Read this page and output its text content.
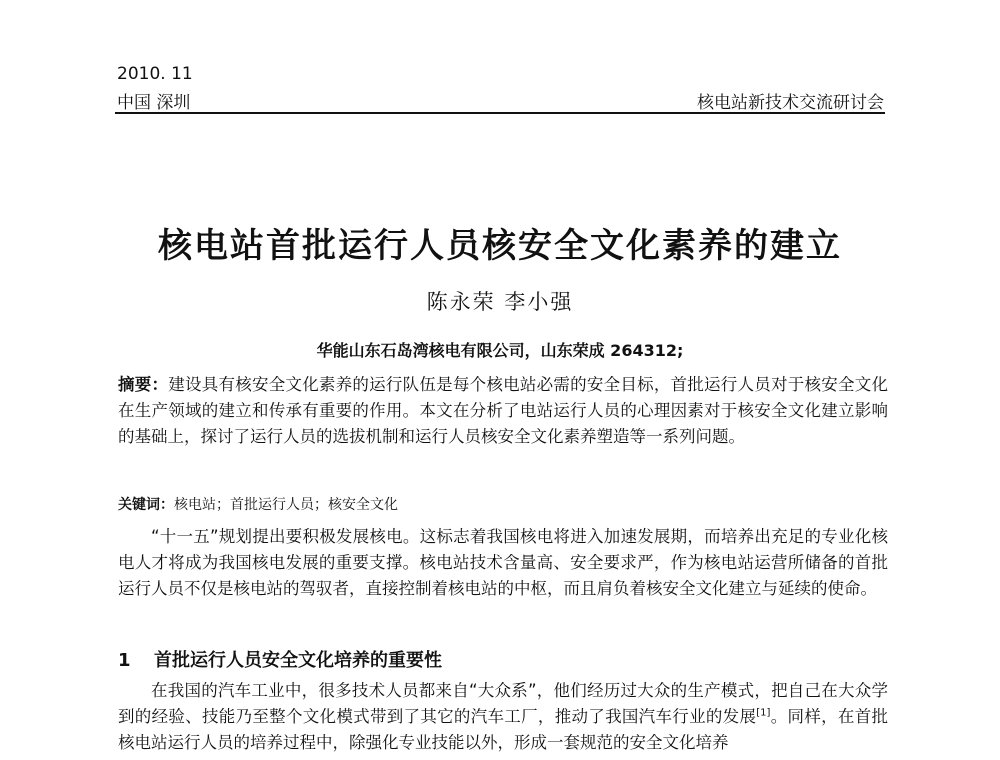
2010. 11
中国 深圳	核电站新技术交流研讨会
核电站首批运行人员核安全文化素养的建立
陈永荣 李小强
华能山东石岛湾核电有限公司，山东荣成 264312;
摘要：建设具有核安全文化素养的运行队伍是每个核电站必需的安全目标，首批运行人员对于核安全文化在生产领域的建立和传承有重要的作用。本文在分析了电站运行人员的心理因素对于核安全文化建立影响的基础上，探讨了运行人员的选拔机制和运行人员核安全文化素养塑造等一系列问题。
关键词：核电站；首批运行人员；核安全文化
“十一五”规划提出要积极发展核电。这标志着我国核电将进入加速发展期，而培养出充足的专业化核电人才将成为我国核电发展的重要支撑。核电站技术含量高、安全要求严，作为核电站运营所储备的首批运行人员不仅是核电站的驾驭者，直接控制着核电站的中枢，而且肩负着核安全文化建立与延续的使命。
1 首批运行人员安全文化培养的重要性
在我国的汽车工业中，很多技术人员都来自“大众系”，他们经历过大众的生产模式，把自己在大众学到的经验、技能乃至整个文化模式带到了其它的汽车工厂，推动了我国汽车行业的发展[1]。同样，在首批核电站运行人员的培养过程中，除强化专业技能以外，形成一套规范的安全文化培养
